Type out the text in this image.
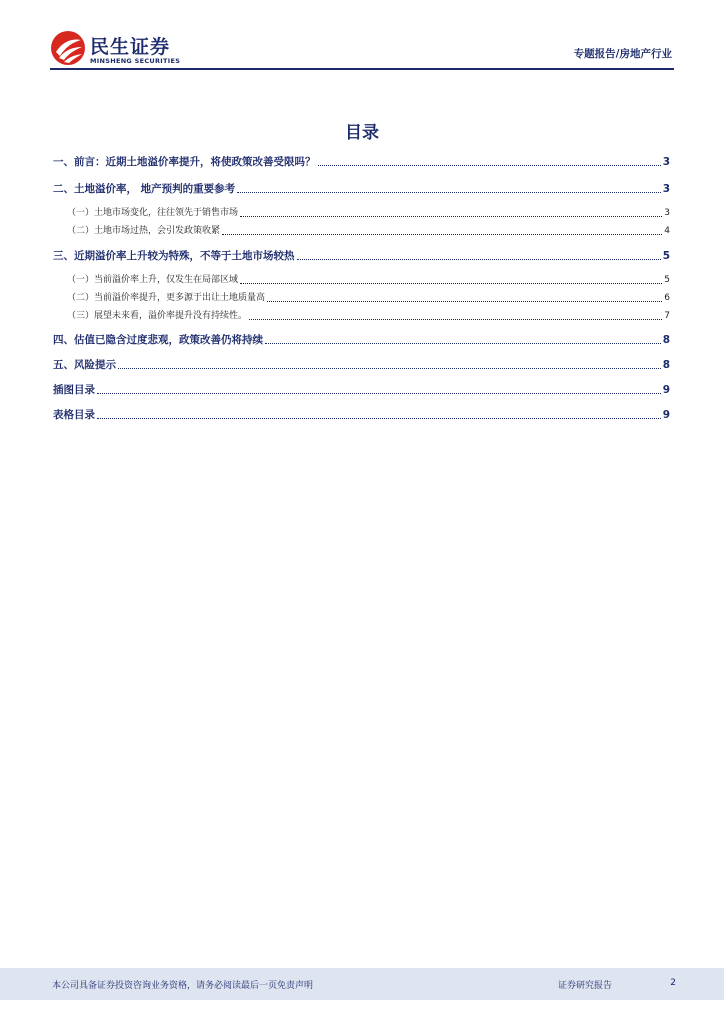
民生证券
MINSHENG SECURITIES
专题报告/房地产行业
目录
一、前言：近期土地溢价率提升，将使政策改善受限吗？	3
二、土地溢价率， 地产预判的重要参考	3
（一）土地市场变化，往往领先于销售市场	3
（二）土地市场过热，会引发政策收紧	4
三、近期溢价率上升较为特殊，不等于土地市场较热	5
（一）当前溢价率上升，仅发生在局部区域	5
（二）当前溢价率提升，更多源于出让土地质量高	6
（三）展望未来看，溢价率提升没有持续性。	7
四、估值已隐含过度悲观，政策改善仍将持续	8
五、风险提示	8
插图目录	9
表格目录	9
本公司具备证券投资咨询业务资格，请务必阅读最后一页免责声明	证券研究报告	2
